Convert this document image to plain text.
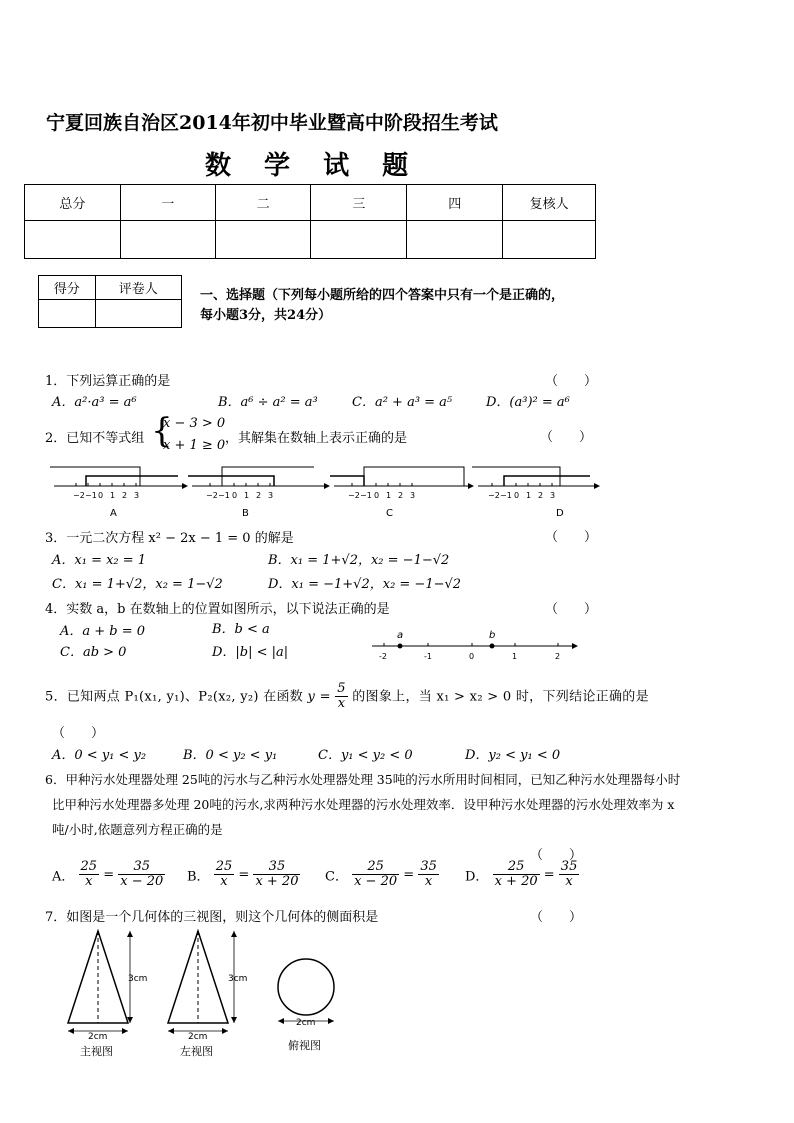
宁夏回族自治区2014年初中毕业暨高中阶段招生考试
数 学 试 题
总分	一	二	三	四	复核人

得分	评卷人
		一、选择题（下列每小题所给的四个答案中只有一个是正确的，
每小题3分，共24分）
1．下列运算正确的是	（　　）
A．a²·a³ = a⁶	B．a⁶ ÷ a² = a³	C．a² + a³ = a⁵	D．(a³)² = a⁶
2．已知不等式组 {
x − 3 > 0
x + 1 ≥ 0 ，其解集在数轴上表示正确的是	（　　）
−2 −1 0 1 2 3
A
−2 −1 0 1 2 3
B
−2 −1 0 1 2 3
C
−2 −1 0 1 2 3
D
3．一元二次方程 x² − 2x − 1 = 0 的解是	（　　）
A．x₁ = x₂ = 1	B．x₁ = 1+√2，x₂ = −1−√2
C．x₁ = 1+√2，x₂ = 1−√2	D．x₁ = −1+√2，x₂ = −1−√2
4．实数 a，b 在数轴上的位置如图所示，以下说法正确的是	（　　）
A．a + b = 0	B．b < a
C．ab > 0	D．|b| < |a|
a	b
-2	-1	0	1	2
5．已知两点 P₁(x₁, y₁)、P₂(x₂, y₂) 在函数 $y = \frac{5}{x}$ 的图象上，当 x₁ > x₂ > 0 时，下列结论正确的是
（　　）
A．0 < y₁ < y₂	B．0 < y₂ < y₁	C．y₁ < y₂ < 0	D．y₂ < y₁ < 0
6．甲种污水处理器处理 25吨的污水与乙种污水处理器处理 35吨的污水所用时间相同，已知乙种污水处理器每小时
比甲种污水处理器多处理 20吨的污水,求两种污水处理器的污水处理效率．设甲种污水处理器的污水处理效率为 x
吨/小时,依题意列方程正确的是
（　　）
A． $\frac{25}{x} = \frac{35}{x - 20}$ B． $\frac{25}{x} = \frac{35}{x + 20}$ C． $\frac{25}{x - 20} = \frac{35}{x}$ D． $\frac{25}{x + 20} = \frac{35}{x}$
7．如图是一个几何体的三视图，则这个几何体的侧面积是	（　　）
3cm
2cm
主视图
3cm
2cm
左视图
2cm
俯视图
